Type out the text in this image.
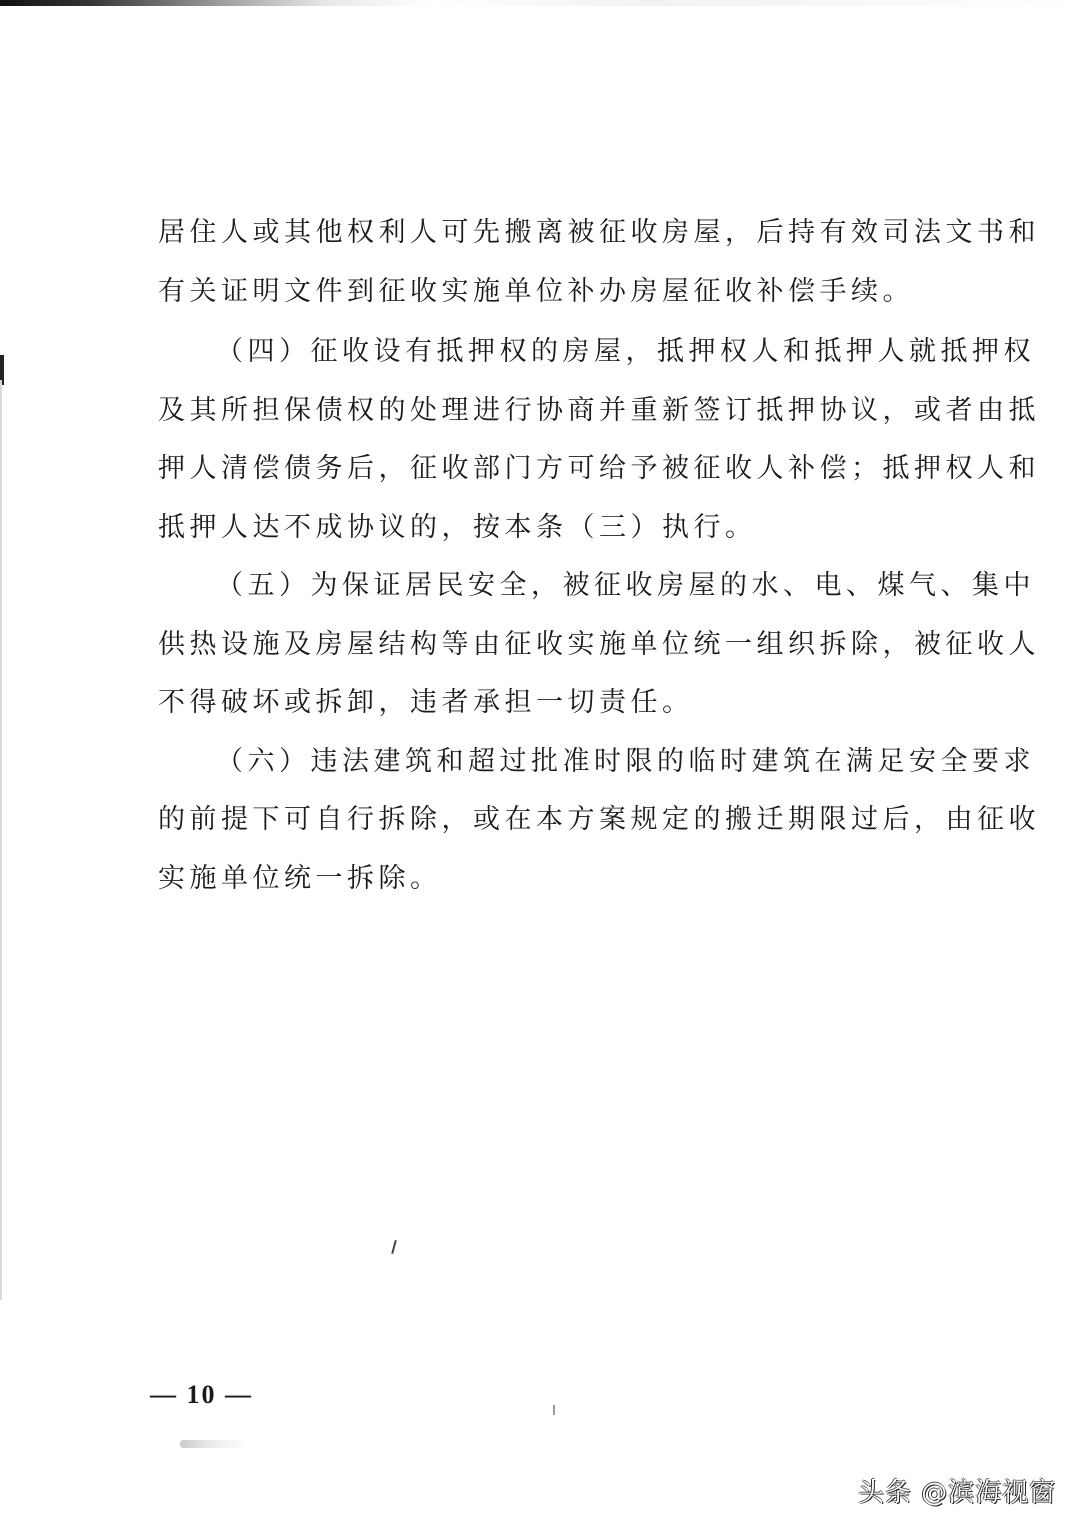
居住人或其他权利人可先搬离被征收房屋，后持有效司法文书和
有关证明文件到征收实施单位补办房屋征收补偿手续。

（四）征收设有抵押权的房屋，抵押权人和抵押人就抵押权
及其所担保债权的处理进行协商并重新签订抵押协议，或者由抵
押人清偿债务后，征收部门方可给予被征收人补偿；抵押权人和
抵押人达不成协议的，按本条（三）执行。

（五）为保证居民安全，被征收房屋的水、电、煤气、集中
供热设施及房屋结构等由征收实施单位统一组织拆除，被征收人
不得破坏或拆卸，违者承担一切责任。

（六）违法建筑和超过批准时限的临时建筑在满足安全要求
的前提下可自行拆除，或在本方案规定的搬迁期限过后，由征收
实施单位统一拆除。

— 10 —
头条 @滨海视窗
